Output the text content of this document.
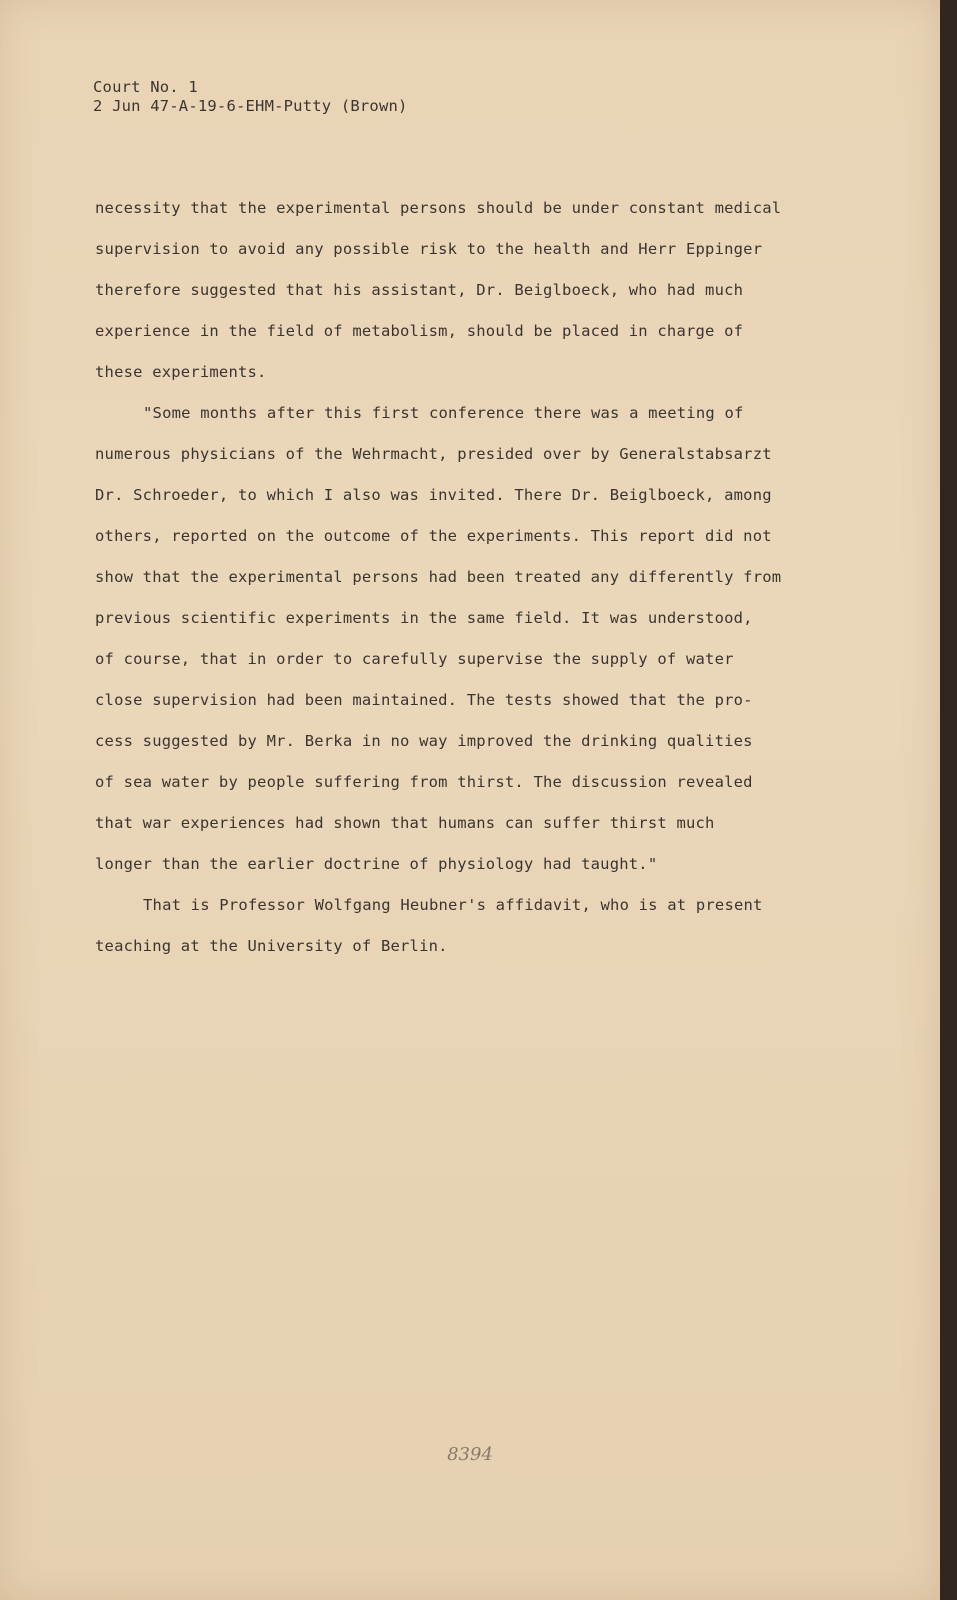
Court No. 1
2 Jun 47-A-19-6-EHM-Putty (Brown)
necessity that the experimental persons should be under constant medical
supervision to avoid any possible risk to the health and Herr Eppinger
therefore suggested that his assistant, Dr. Beiglboeck, who had much
experience in the field of metabolism, should be placed in charge of
these experiments.
"Some months after this first conference there was a meeting of
numerous physicians of the Wehrmacht, presided over by Generalstabsarzt
Dr. Schroeder, to which I also was invited. There Dr. Beiglboeck, among
others, reported on the outcome of the experiments. This report did not
show that the experimental persons had been treated any differently from
previous scientific experiments in the same field. It was understood,
of course, that in order to carefully supervise the supply of water
close supervision had been maintained. The tests showed that the pro-
cess suggested by Mr. Berka in no way improved the drinking qualities
of sea water by people suffering from thirst. The discussion revealed
that war experiences had shown that humans can suffer thirst much
longer than the earlier doctrine of physiology had taught."
That is Professor Wolfgang Heubner's affidavit, who is at present
teaching at the University of Berlin.
8394
